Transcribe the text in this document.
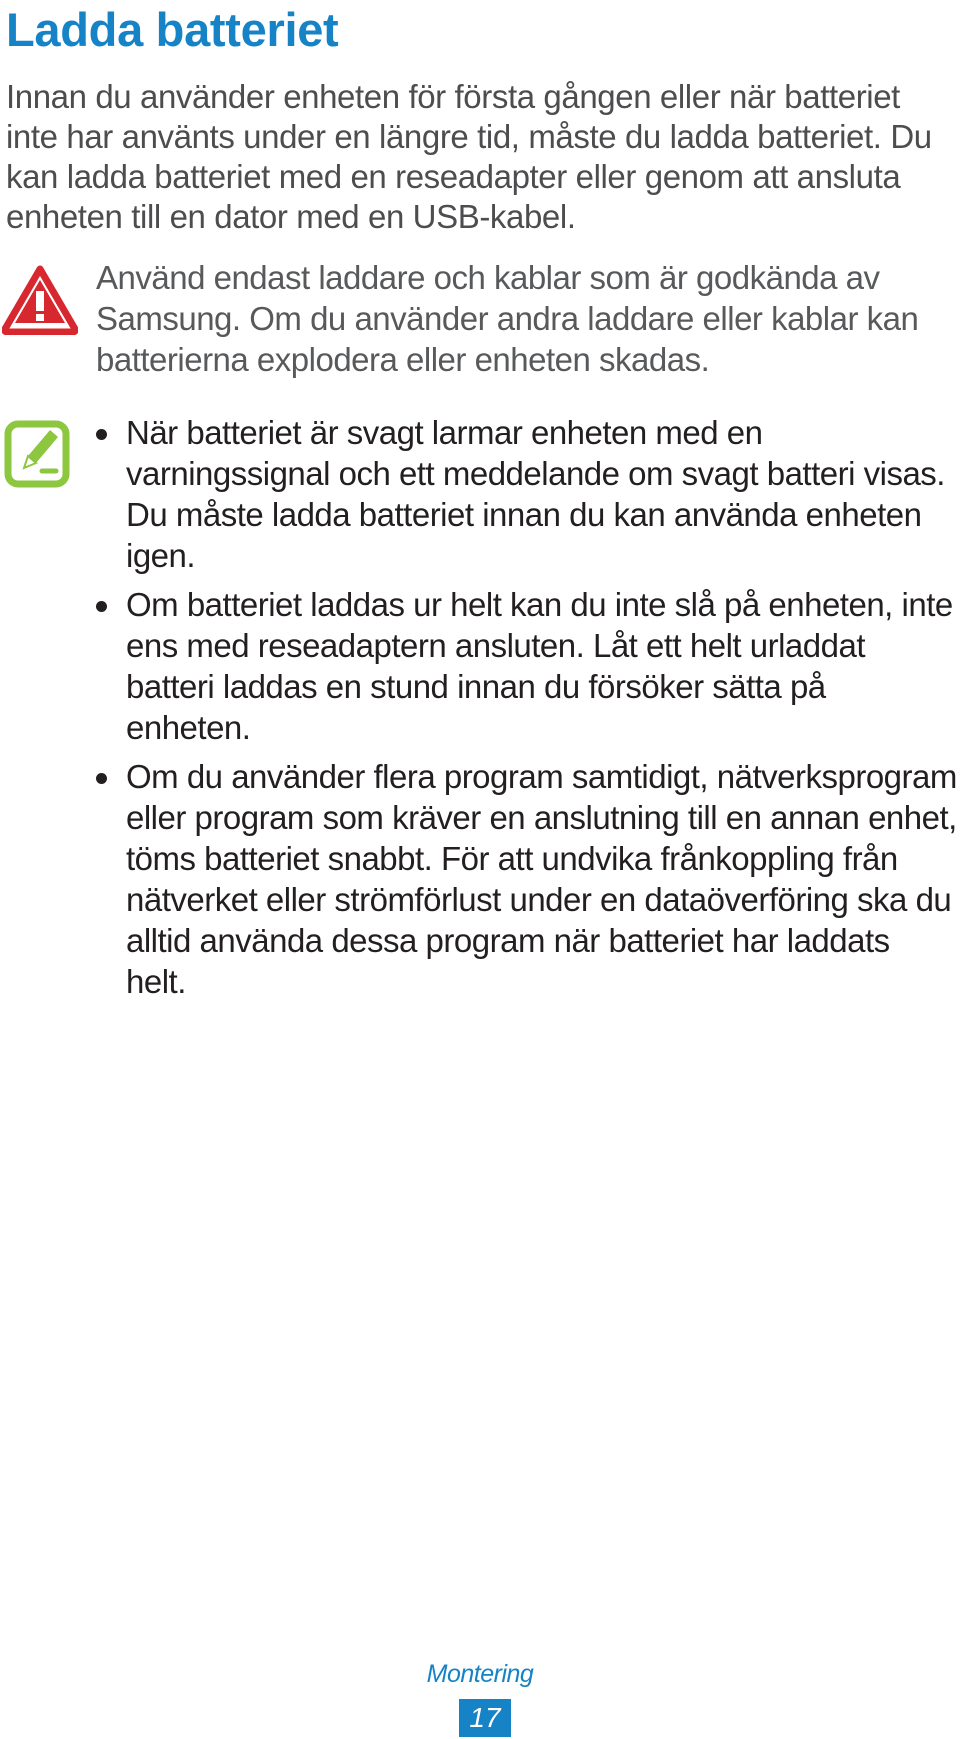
Ladda batteriet

Innan du använder enheten för första gången eller när batteriet inte har använts under en längre tid, måste du ladda batteriet. Du kan ladda batteriet med en reseadapter eller genom att ansluta enheten till en dator med en USB-kabel.

Använd endast laddare och kablar som är godkända av Samsung. Om du använder andra laddare eller kablar kan batterierna explodera eller enheten skadas.

När batteriet är svagt larmar enheten med en varningssignal och ett meddelande om svagt batteri visas. Du måste ladda batteriet innan du kan använda enheten igen.
Om batteriet laddas ur helt kan du inte slå på enheten, inte ens med reseadaptern ansluten. Låt ett helt urladdat batteri laddas en stund innan du försöker sätta på enheten.
Om du använder flera program samtidigt, nätverksprogram eller program som kräver en anslutning till en annan enhet, töms batteriet snabbt. För att undvika frånkoppling från nätverket eller strömförlust under en dataöverföring ska du alltid använda dessa program när batteriet har laddats helt.
Montering
17
